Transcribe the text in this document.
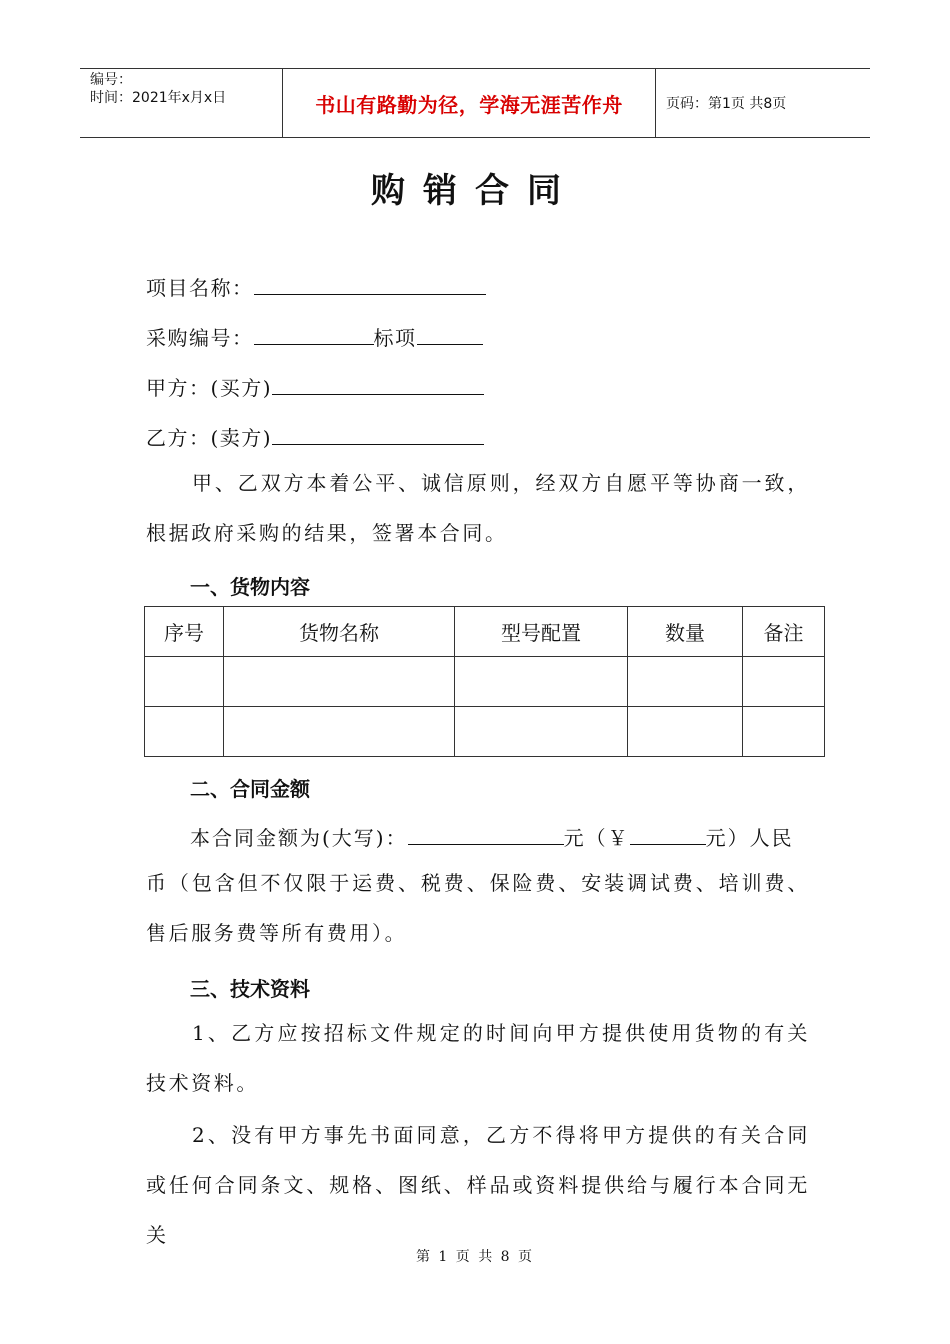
编号：
时间：2021年x月x日	书山有路勤为径，学海无涯苦作舟	页码：第1页 共8页
购销合同
项目名称：
采购编号：	标项
甲方：(买方)
乙方：(卖方)
甲、乙双方本着公平、诚信原则，经双方自愿平等协商一致，根据政府采购的结果，签署本合同。
一、货物内容
序号	货物名称	型号配置	数量	备注

二、合同金额
本合同金额为(大写)：	元（￥	元）人民
币（包含但不仅限于运费、税费、保险费、安装调试费、培训费、售后服务费等所有费用）。
三、技术资料
1、乙方应按招标文件规定的时间向甲方提供使用货物的有关技术资料。
2、没有甲方事先书面同意，乙方不得将甲方提供的有关合同或任何合同条文、规格、图纸、样品或资料提供给与履行本合同无关
第 1 页 共 8 页
